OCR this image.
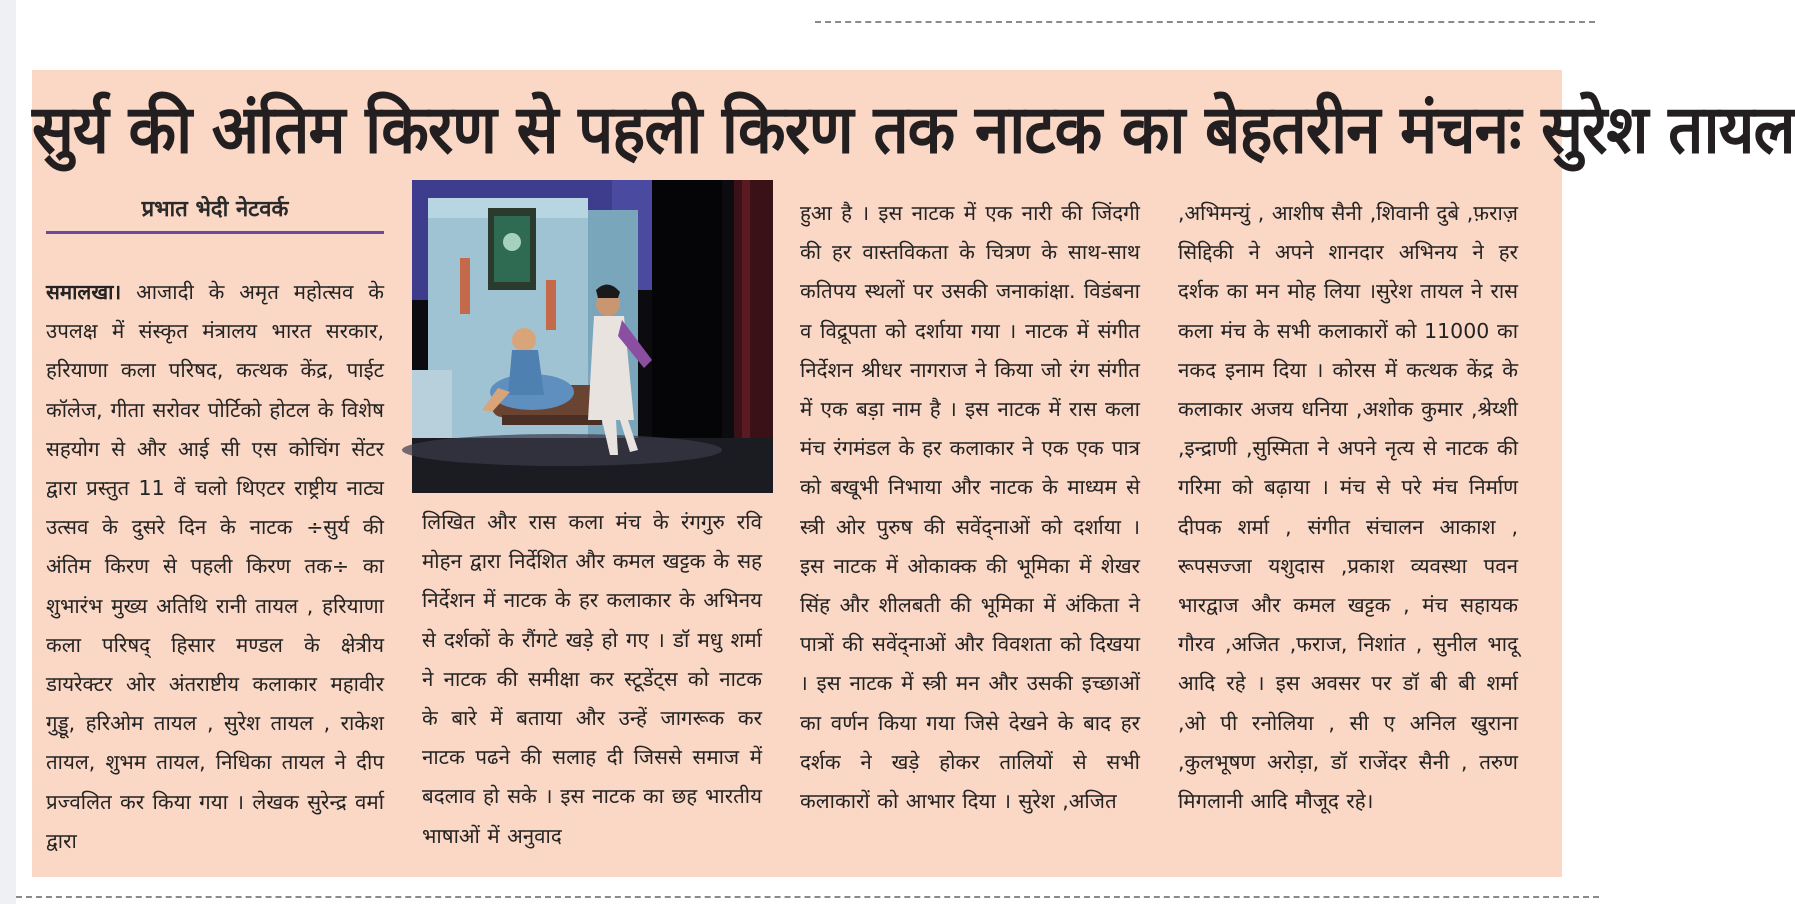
सुर्य की अंतिम किरण से पहली किरण तक नाटक का बेहतरीन मंचनः सुरेश तायल
प्रभात भेदी नेटवर्क
समालखा। आजादी के अमृत महोत्सव के उपलक्ष में संस्कृत मंत्रालय भारत सरकार, हरियाणा कला परिषद, कत्थक केंद्र, पाईट कॉलेज, गीता सरोवर पोर्टिको होटल के विशेष सहयोग से और आई सी एस कोचिंग सेंटर द्वारा प्रस्तुत 11 वें चलो थिएटर राष्ट्रीय नाट्य उत्सव के दुसरे दिन के नाटक ÷सुर्य की अंतिम किरण से पहली किरण तक÷ का शुभारंभ मुख्य अतिथि रानी तायल , हरियाणा कला परिषद् हिसार मण्डल के क्षेत्रीय डायरेक्टर ओर अंतराष्टीय कलाकार महावीर गुड्डू, हरिओम तायल , सुरेश तायल , राकेश तायल, शुभम तायल, निधिका तायल ने दीप प्रज्वलित कर किया गया । लेखक सुरेन्द्र वर्मा द्वारा
लिखित और रास कला मंच के रंगगुरु रवि मोहन द्वारा निर्देशित और कमल खट्टक के सह निर्देशन में नाटक के हर कलाकार के अभिनय से दर्शकों के रौंगटे खड़े हो गए । डॉ मधु शर्मा ने नाटक की समीक्षा कर स्टूडेंट्स को नाटक के बारे में बताया और उन्हें जागरूक कर नाटक पढने की सलाह दी जिससे समाज में बदलाव हो सके । इस नाटक का छह भारतीय भाषाओं में अनुवाद
हुआ है । इस नाटक में एक नारी की जिंदगी की हर वास्तविकता के चित्रण के साथ-साथ कतिपय स्थलों पर उसकी जनाकांक्षा. विडंबना व विद्रूपता को दर्शाया गया । नाटक में संगीत निर्देशन श्रीधर नागराज ने किया जो रंग संगीत में एक बड़ा नाम है । इस नाटक में रास कला मंच रंगमंडल के हर कलाकार ने एक एक पात्र को बखूभी निभाया और नाटक के माध्यम से स्त्री ओर पुरुष की सवेंद्नाओं को दर्शाया । इस नाटक में ओकाक्क की भूमिका में शेखर सिंह और शीलबती की भूमिका में अंकिता ने पात्रों की सवेंद्नाओं और विवशता को दिखया । इस नाटक में स्त्री मन और उसकी इच्छाओं का वर्णन किया गया जिसे देखने के बाद हर दर्शक ने खड़े होकर तालियों से सभी कलाकारों को आभार दिया । सुरेश ,अजित
,अभिमन्युं , आशीष सैनी ,शिवानी दुबे ,फ़राज़ सिद्दिकी ने अपने शानदार अभिनय ने हर दर्शक का मन मोह लिया ।सुरेश तायल ने रास कला मंच के सभी कलाकारों को 11000 का नकद इनाम दिया । कोरस में कत्थक केंद्र के कलाकार अजय धनिया ,अशोक कुमार ,श्रेय्शी ,इन्द्राणी ,सुस्मिता ने अपने नृत्य से नाटक की गरिमा को बढ़ाया । मंच से परे मंच निर्माण दीपक शर्मा , संगीत संचालन आकाश , रूपसज्जा यशुदास ,प्रकाश व्यवस्था पवन भारद्वाज और कमल खट्टक , मंच सहायक गौरव ,अजित ,फराज, निशांत , सुनील भादू आदि रहे । इस अवसर पर डॉ बी बी शर्मा ,ओ पी रनोलिया , सी ए अनिल खुराना ,कुलभूषण अरोड़ा, डॉ राजेंदर सैनी , तरुण मिगलानी आदि मौजूद रहे।
